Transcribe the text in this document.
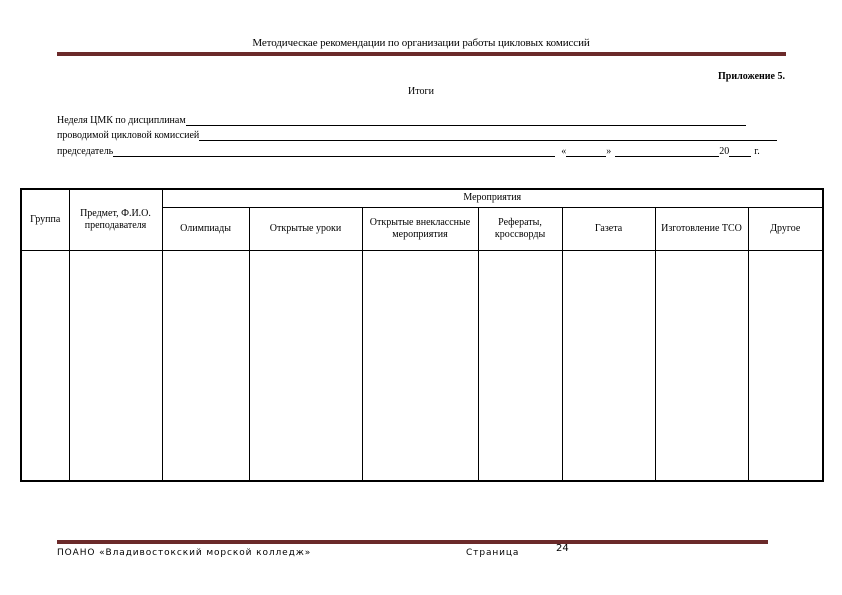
Методическае рекомендации по организации работы цикловых комиссий
Приложение 5.
Итоги
Неделя ЦМК по дисциплинам
проводимой цикловой комиссией
председатель	«	»	20	г.
Группа	Предмет, Ф.И.О. преподавателя	Мероприятия						
		Олимпиады	Открытые уроки	Открытые внеклассные мероприятия	Рефераты, кроссворды	Газета	Изготовление ТСО	Другое

ПОАНО «Владивостокский морской колледж»	Страница	24
